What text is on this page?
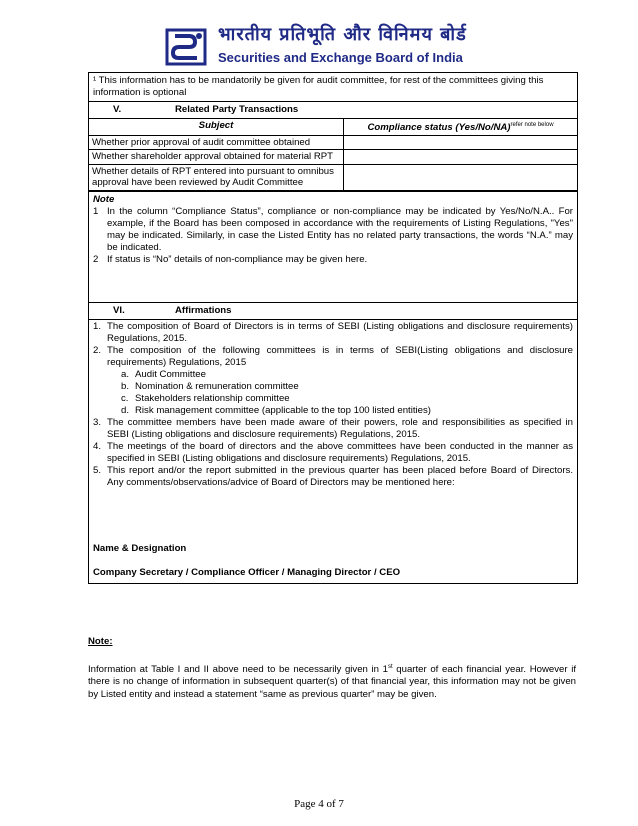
भारतीय प्रतिभूति और विनिमय बोर्ड
Securities and Exchange Board of India
¹ This information has to be mandatorily be given for audit committee, for rest of the committees giving this information is optional
V.	Related Party Transactions
Subject	Compliance status $(Yes/No/NA)^{refer note below}$
Whether prior approval of audit committee obtained	
Whether shareholder approval obtained for material RPT	
Whether details of RPT entered into pursuant to omnibus approval have been reviewed by Audit Committee	
Note
1 In the column “Compliance Status”, compliance or non-compliance may be indicated by Yes/No/N.A.. For example, if the Board has been composed in accordance with the requirements of Listing Regulations, "Yes" may be indicated. Similarly, in case the Listed Entity has no related party transactions, the words “N.A.” may be indicated.
2 If status is “No” details of non-compliance may be given here.
VI.	Affirmations
1. The composition of Board of Directors is in terms of SEBI (Listing obligations and disclosure requirements) Regulations, 2015.
2. The composition of the following committees is in terms of SEBI(Listing obligations and disclosure requirements) Regulations, 2015
a. Audit Committee
b. Nomination & remuneration committee
c. Stakeholders relationship committee
d. Risk management committee (applicable to the top 100 listed entities)
3. The committee members have been made aware of their powers, role and responsibilities as specified in SEBI (Listing obligations and disclosure requirements) Regulations, 2015.
4. The meetings of the board of directors and the above committees have been conducted in the manner as specified in SEBI (Listing obligations and disclosure requirements) Regulations, 2015.
5. This report and/or the report submitted in the previous quarter has been placed before Board of Directors. Any comments/observations/advice of Board of Directors may be mentioned here:
Name & Designation
Company Secretary / Compliance Officer / Managing Director / CEO
Note:
Information at Table I and II above need to be necessarily given in 1st quarter of each financial year. However if there is no change of information in subsequent quarter(s) of that financial year, this information may not be given by Listed entity and instead a statement “same as previous quarter” may be given.
Page 4 of 7
